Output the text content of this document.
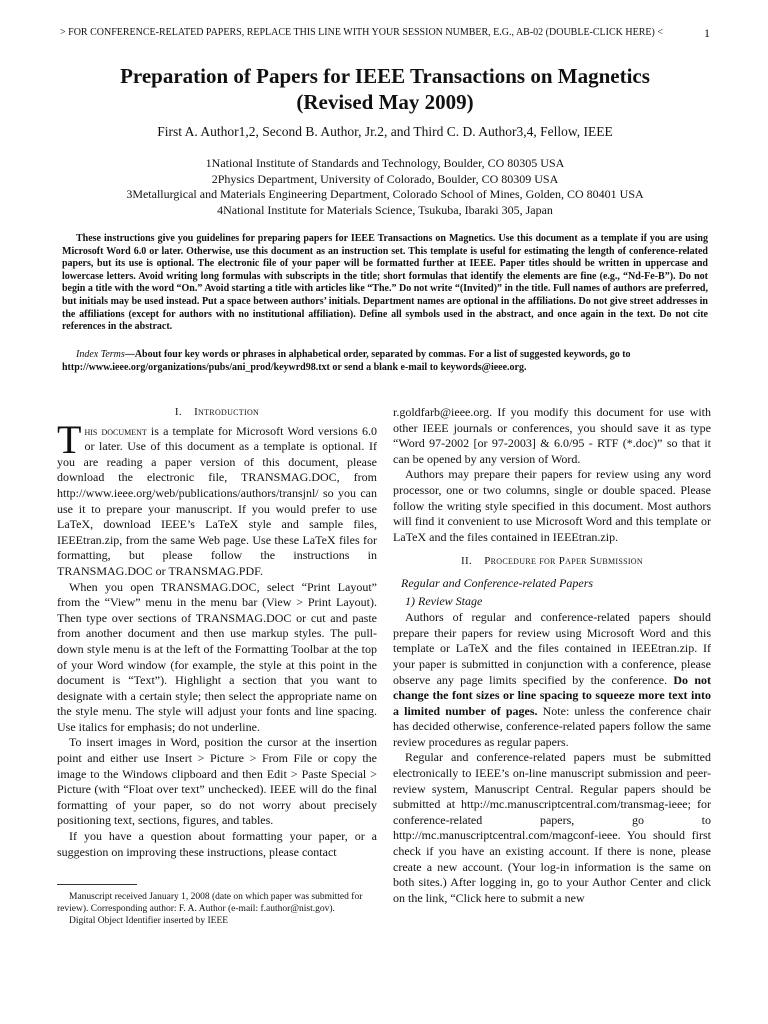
> FOR CONFERENCE-RELATED PAPERS, REPLACE THIS LINE WITH YOUR SESSION NUMBER, E.G., AB-02 (DOUBLE-CLICK HERE) <	1
Preparation of Papers for IEEE Transactions on Magnetics
(Revised May 2009)
First A. Author1,2, Second B. Author, Jr.2, and Third C. D. Author3,4, Fellow, IEEE
1National Institute of Standards and Technology, Boulder, CO 80305 USA
2Physics Department, University of Colorado, Boulder, CO 80309 USA
3Metallurgical and Materials Engineering Department, Colorado School of Mines, Golden, CO 80401 USA
4National Institute for Materials Science, Tsukuba, Ibaraki 305, Japan
These instructions give you guidelines for preparing papers for IEEE Transactions on Magnetics. Use this document as a template if you are using Microsoft Word 6.0 or later. Otherwise, use this document as an instruction set. This template is useful for estimating the length of conference-related papers, but its use is optional. The electronic file of your paper will be formatted further at IEEE. Paper titles should be written in uppercase and lowercase letters. Avoid writing long formulas with subscripts in the title; short formulas that identify the elements are fine (e.g., “Nd-Fe-B”). Do not begin a title with the word “On.” Avoid starting a title with articles like “The.” Do not write “(Invited)” in the title. Full names of authors are preferred, but initials may be used instead. Put a space between authors’ initials. Department names are optional in the affiliations. Do not give street addresses in the affiliations (except for authors with no institutional affiliation). Define all symbols used in the abstract, and once again in the text. Do not cite references in the abstract.
Index Terms—About four key words or phrases in alphabetical order, separated by commas. For a list of suggested keywords, go to http://www.ieee.org/organizations/pubs/ani_prod/keywrd98.txt or send a blank e-mail to keywords@ieee.org.
I. Introduction

This document is a template for Microsoft Word versions 6.0 or later. Use of this document as a template is optional. If you are reading a paper version of this document, please download the electronic file, TRANSMAG.DOC, from http://www.ieee.org/web/publications/authors/transjnl/ so you can use it to prepare your manuscript. If you would prefer to use LaTeX, download IEEE’s LaTeX style and sample files, IEEEtran.zip, from the same Web page. Use these LaTeX files for formatting, but please follow the instructions in TRANSMAG.DOC or TRANSMAG.PDF.

When you open TRANSMAG.DOC, select “Print Layout” from the “View” menu in the menu bar (View > Print Layout). Then type over sections of TRANSMAG.DOC or cut and paste from another document and then use markup styles. The pull-down style menu is at the left of the Formatting Toolbar at the top of your Word window (for example, the style at this point in the document is “Text”). Highlight a section that you want to designate with a certain style; then select the appropriate name on the style menu. The style will adjust your fonts and line spacing. Use italics for emphasis; do not underline.

To insert images in Word, position the cursor at the insertion point and either use Insert > Picture > From File or copy the image to the Windows clipboard and then Edit > Paste Special > Picture (with “Float over text” unchecked). IEEE will do the final formatting of your paper, so do not worry about precisely positioning text, sections, figures, and tables.

If you have a question about formatting your paper, or a suggestion on improving these instructions, please contact

Manuscript received January 1, 2008 (date on which paper was submitted for review). Corresponding author: F. A. Author (e-mail: f.author@nist.gov).

Digital Object Identifier inserted by IEEE

r.goldfarb@ieee.org. If you modify this document for use with other IEEE journals or conferences, you should save it as type “Word 97-2002 [or 97-2003] & 6.0/95 - RTF (*.doc)” so that it can be opened by any version of Word.

Authors may prepare their papers for review using any word processor, one or two columns, single or double spaced. Please follow the writing style specified in this document. Most authors will find it convenient to use Microsoft Word and this template or LaTeX and the files contained in IEEEtran.zip.

II. Procedure for Paper Submission
Regular and Conference-related Papers
1) Review Stage

Authors of regular and conference-related papers should prepare their papers for review using Microsoft Word and this template or LaTeX and the files contained in IEEEtran.zip. If your paper is submitted in conjunction with a conference, please observe any page limits specified by the conference. Do not change the font sizes or line spacing to squeeze more text into a limited number of pages. Note: unless the conference chair has decided otherwise, conference-related papers follow the same review procedures as regular papers.

Regular and conference-related papers must be submitted electronically to IEEE’s on-line manuscript submission and peer-review system, Manuscript Central. Regular papers should be submitted at http://mc.manuscriptcentral.com/transmag-ieee; for conference-related papers, go to http://mc.manuscriptcentral.com/magconf-ieee. You should first check if you have an existing account. If there is none, please create a new account. (Your log-in information is the same on both sites.) After logging in, go to your Author Center and click on the link, “Click here to submit a new
